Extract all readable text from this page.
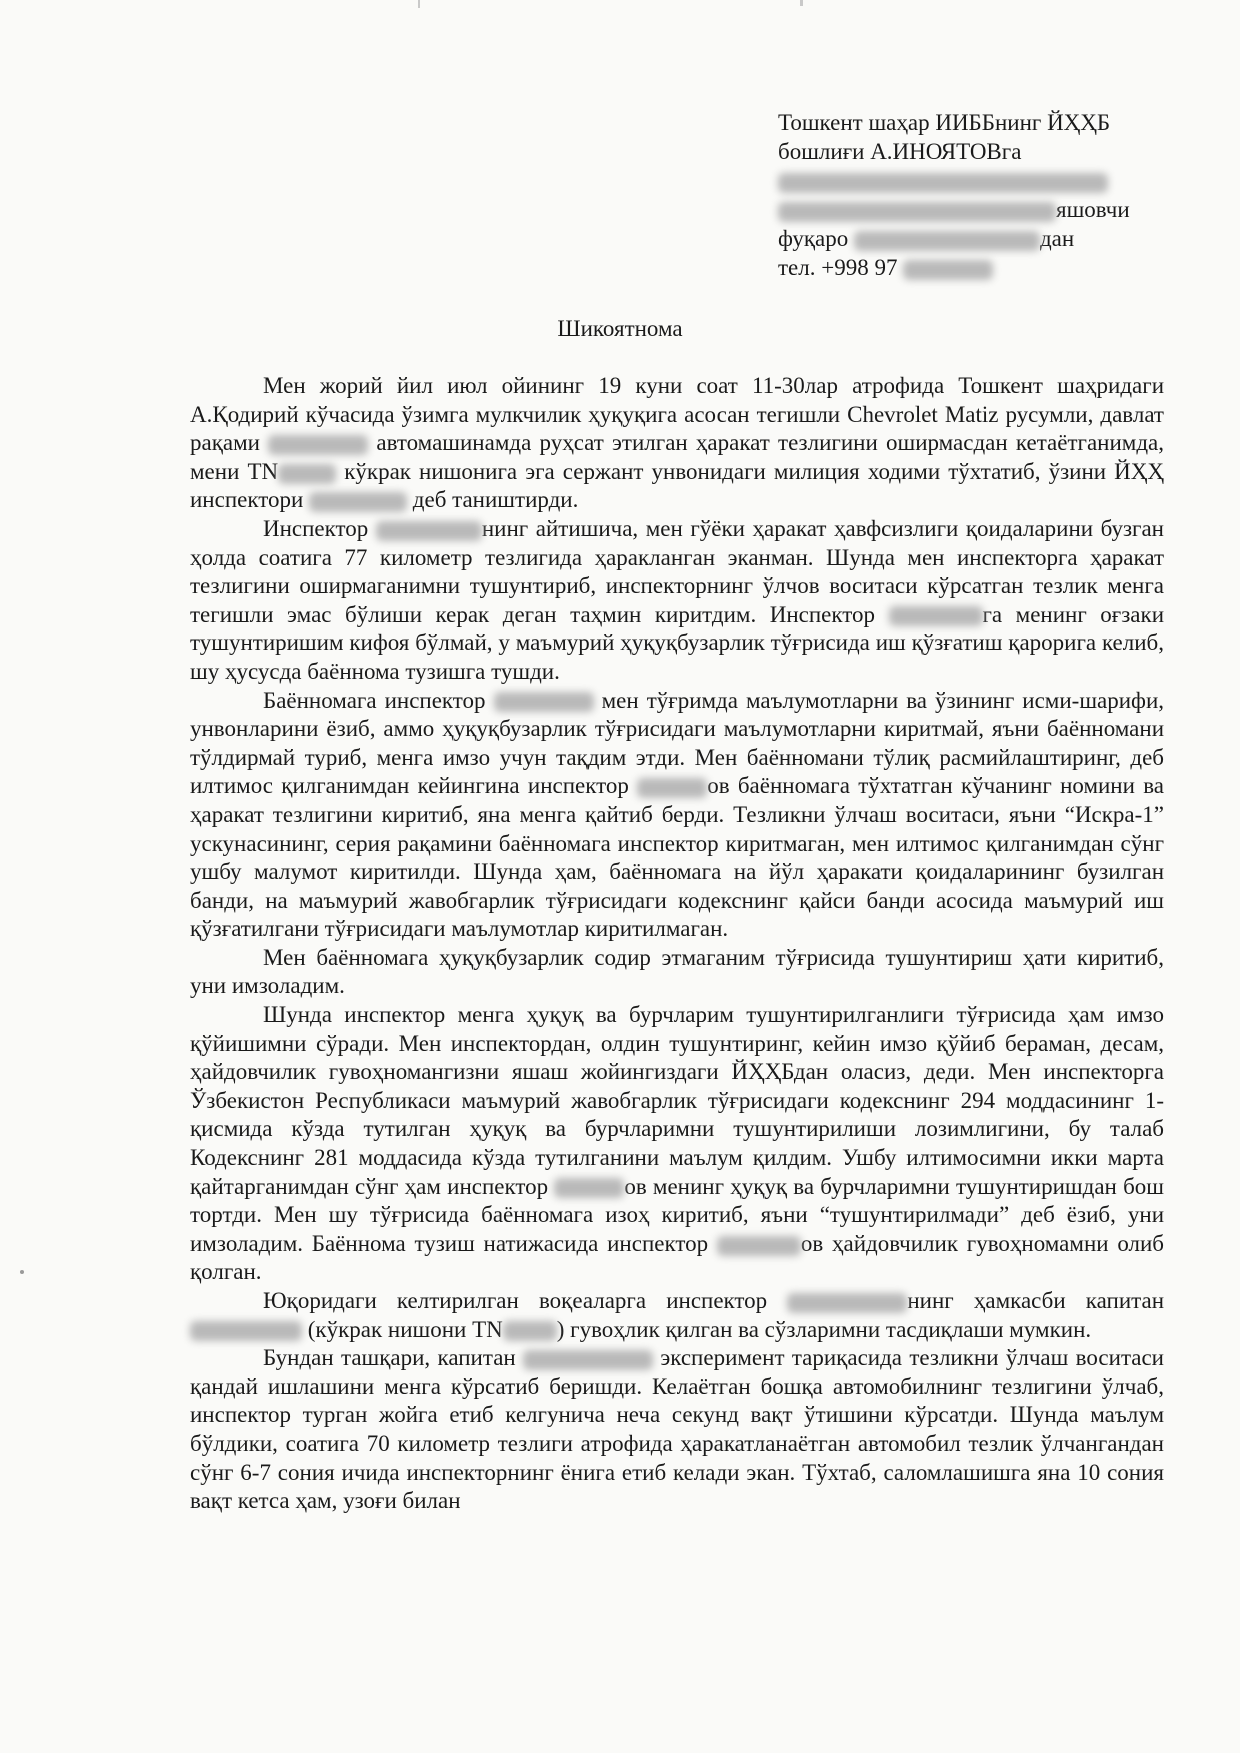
Тошкент шаҳар ИИББнинг ЙҲҲБ
бошлиғи А.ИНОЯТОВга
яшовчи
фуқаро	дан
тел. +998 97
Шикоятнома

Мен жорий йил июл ойининг 19 куни соат 11-30лар атрофида Тошкент шаҳридаги А.Қодирий кўчасида ўзимга мулкчилик ҳуқуқига асосан тегишли Chevrolet Matiz русумли, давлат рақами	автомашинамда руҳсат этилган ҳаракат тезлигини оширмасдан кетаётганимда, мени TN	кўкрак нишонига эга сержант унвонидаги милиция ходими тўхтатиб, ўзини ЙҲҲ инспектори	деб таништирди.

Инспектор	нинг айтишича, мен гўёки ҳаракат ҳавфсизлиги қоидаларини бузган ҳолда соатига 77 километр тезлигида ҳаракланган эканман. Шунда мен инспекторга ҳаракат тезлигини оширмаганимни тушунтириб, инспекторнинг ўлчов воситаси кўрсатган тезлик менга тегишли эмас бўлиши керак деган таҳмин киритдим. Инспектор	га менинг оғзаки тушунтиришим кифоя бўлмай, у маъмурий ҳуқуқбузарлик тўғрисида иш қўзғатиш қарорига келиб, шу ҳусусда баённома тузишга тушди.

Баённомага инспектор	мен тўғримда маълумотларни ва ўзининг исми-шарифи, унвонларини ёзиб, аммо ҳуқуқбузарлик тўғрисидаги маълумотларни киритмай, яъни баённомани тўлдирмай туриб, менга имзо учун тақдим этди. Мен баённомани тўлиқ расмийлаштиринг, деб илтимос қилганимдан кейингина инспектор	ов баённомага тўхтатган кўчанинг номини ва ҳаракат тезлигини киритиб, яна менга қайтиб берди. Тезликни ўлчаш воситаси, яъни “Искра-1” ускунасининг, серия рақамини баённомага инспектор киритмаган, мен илтимос қилганимдан сўнг ушбу малумот киритилди. Шунда ҳам, баённомага на йўл ҳаракати қоидаларининг бузилган банди, на маъмурий жавобгарлик тўғрисидаги кодекснинг қайси банди асосида маъмурий иш қўзғатилгани тўғрисидаги маълумотлар киритилмаган.

Мен баённомага ҳуқуқбузарлик содир этмаганим тўғрисида тушунтириш ҳати киритиб, уни имзоладим.

Шунда инспектор менга ҳуқуқ ва бурчларим тушунтирилганлиги тўғрисида ҳам имзо қўйишимни сўради. Мен инспектордан, олдин тушунтиринг, кейин имзо қўйиб бераман, десам, ҳайдовчилик гувоҳномангизни яшаш жойингиздаги ЙҲҲБдан оласиз, деди. Мен инспекторга Ўзбекистон Республикаси маъмурий жавобгарлик тўғрисидаги кодекснинг 294 моддасининг 1-қисмида кўзда тутилган ҳуқуқ ва бурчларимни тушунтирилиши лозимлигини, бу талаб Кодекснинг 281 моддасида кўзда тутилганини маълум қилдим. Ушбу илтимосимни икки марта қайтарганимдан сўнг ҳам инспектор	ов менинг ҳуқуқ ва бурчларимни тушунтиришдан бош тортди. Мен шу тўғрисида баённомага изоҳ киритиб, яъни “тушунтирилмади” деб ёзиб, уни имзоладим. Баённома тузиш натижасида инспектор	ов ҳайдовчилик гувоҳномамни олиб қолган.

Юқоридаги келтирилган воқеаларга инспектор	нинг ҳамкасби капитан  (кўкрак нишони TN ) гувоҳлик қилган ва сўзларимни тасдиқлаши мумкин.

Бундан ташқари, капитан	эксперимент тариқасида тезликни ўлчаш воситаси қандай ишлашини менга кўрсатиб беришди. Келаётган бошқа автомобилнинг тезлигини ўлчаб, инспектор турган жойга етиб келгунича неча секунд вақт ўтишини кўрсатди. Шунда маълум бўлдики, соатига 70 километр тезлиги атрофида ҳаракатланаётган автомобил тезлик ўлчангандан сўнг 6-7 сония ичида инспекторнинг ёнига етиб келади экан. Тўхтаб, саломлашишга яна 10 сония вақт кетса ҳам, узоғи билан
